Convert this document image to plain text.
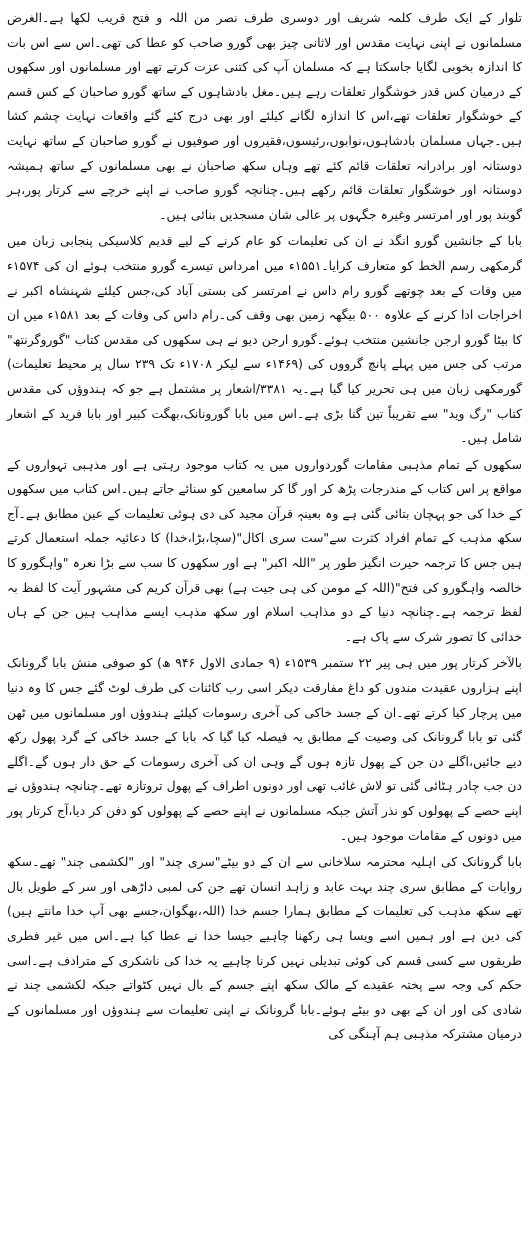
تلوار کے ایک طرف کلمہ شریف اور دوسری طرف نصر من اللہ و فتح قریب لکھا ہے۔الغرض مسلمانوں نے اپنی نہایت مقدس اور لاثانی چیز بھی گورو صاحب کو عطا کی تھی۔اس سے اس بات کا اندازہ بخوبی لگایا جاسکتا ہے کہ مسلمان آپ کی کتنی عزت کرتے تھے اور مسلمانوں اور سکھوں کے درمیان کس قدر خوشگوار تعلقات رہے ہیں۔مغل بادشاہوں کے ساتھ گورو صاحبان کے کس قسم کے خوشگوار تعلقات تھے،اس کا اندازہ لگانے کیلئے اور بھی درج کئے گئے واقعات نہایت چشم کشا ہیں۔جہاں مسلمان بادشاہوں،نوابوں،رئیسوں،فقیروں اور صوفیوں نے گورو صاحبان کے ساتھ نہایت دوستانہ اور برادرانہ تعلقات قائم کئے تھے وہاں سکھ صاحبان نے بھی مسلمانوں کے ساتھ ہمیشہ دوستانہ اور خوشگوار تعلقات قائم رکھے ہیں۔چنانچہ گورو صاحب نے اپنے خرچے سے کرتار پور،ہر گوبند پور اور امرتسر وغیرہ جگہوں پر عالی شان مسجدیں بنائی ہیں۔

بابا کے جانشین گورو انگد نے ان کی تعلیمات کو عام کرنے کے لیے قدیم کلاسیکی پنجابی زبان میں گرمکھی رسم الخط کو متعارف کرایا۔۱۵۵۱ء میں امرداس تیسرے گورو منتخب ہوئے ان کی ۱۵۷۴ء میں وفات کے بعد چوتھے گورو رام داس نے امرتسر کی بستی آباد کی،جس کیلئے شہنشاہ اکبر نے اخراجات ادا کرنے کے علاوہ ۵۰۰ بیگھہ زمین بھی وقف کی۔رام داس کی وفات کے بعد ۱۵۸۱ء میں ان کا بیٹا گورو ارجن جانشین منتخب ہوئے۔گورو ارجن دیو نے ہی سکھوں کی مقدس کتاب "گوروگرنتھ" مرتب کی جس میں پہلے پانچ گرووں کی (۱۴۶۹ء سے لیکر ۱۷۰۸ء تک ۲۳۹ سال پر محیط تعلیمات) گورمکھی زبان میں ہی تحریر کیا گیا ہے۔یہ ۳۳۸۱/اشعار پر مشتمل ہے جو کہ ہندوؤں کی مقدس کتاب "رگ وید" سے تقریباً تین گنا بڑی ہے۔اس میں بابا گورونانک،بھگت کبیر اور بابا فرید کے اشعار شامل ہیں۔

سکھوں کے تمام مذہبی مقامات گوردواروں میں یہ کتاب موجود رہتی ہے اور مذہبی تہواروں کے مواقع پر اس کتاب کے مندرجات پڑھ کر اور گا کر سامعین کو سنائے جاتے ہیں۔اس کتاب میں سکھوں کے خدا کی جو پہچان بتائی گئی ہے وہ بعینہٖ قرآن مجید کی دی ہوئی تعلیمات کے عین مطابق ہے۔آج سکھ مذہب کے تمام افراد کثرت سے"ست سری اکال"(سچا،بڑا،خدا) کا دعائیہ جملہ استعمال کرتے ہیں جس کا ترجمہ حیرت انگیز طور پر "اللہ اکبر" ہے اور سکھوں کا سب سے بڑا نعرہ "واہگورو کا خالصہ واہگورو کی فتح"(اللہ کے مومن کی ہی جیت ہے) بھی قرآن کریم کی مشہور آیت کا لفظ بہ لفظ ترجمہ ہے۔چنانچہ دنیا کے دو مذاہب اسلام اور سکھ مذہب ایسے مذاہب ہیں جن کے ہاں خدائی کا تصور شرک سے پاک ہے۔

بالآخر کرتار پور میں ہی پیر ۲۲ ستمبر ۱۵۳۹ء (۹ جمادی الاول ۹۴۶ ھ) کو صوفی منش بابا گرونانک اپنے ہزاروں عقیدت مندوں کو داغ مفارقت دیکر اسی رب کائنات کی طرف لوٹ گئے جس کا وہ دنیا میں پرچار کیا کرتے تھے۔ان کے جسد خاکی کی آخری رسومات کیلئے ہندوؤں اور مسلمانوں میں ٹھن گئی تو بابا گرونانک کی وصیت کے مطابق یہ فیصلہ کیا گیا کہ بابا کے جسد خاکی کے گرد پھول رکھ دیے جائیں،اگلے دن جن کے پھول تازہ ہوں گے وہی ان کی آخری رسومات کے حق دار ہوں گے۔اگلے دن جب چادر ہٹائی گئی تو لاش غائب تھی اور دونوں اطراف کے پھول تروتازہ تھے۔چنانچہ ہندوؤں نے اپنے حصے کے پھولوں کو نذر آتش جبکہ مسلمانوں نے اپنے حصے کے پھولوں کو دفن کر دیا،آج کرتار پور میں دونوں کے مقامات موجود ہیں۔

بابا گرونانک کی اہلیہ محترمہ سلاخانی سے ان کے دو بیٹے"سری چند" اور "لکشمی چند" تھے۔سکھ روایات کے مطابق سری چند بہت عابد و زاہد انسان تھے جن کی لمبی داڑھی اور سر کے طویل بال تھے سکھ مذہب کی تعلیمات کے مطابق ہمارا جسم خدا (اللہ،بھگوان،جسے بھی آپ خدا مانتے ہیں) کی دین ہے اور ہمیں اسے ویسا ہی رکھنا چاہیے جیسا خدا نے عطا کیا ہے۔اس میں غیر فطری طریقوں سے کسی قسم کی کوئی تبدیلی نہیں کرنا چاہیے یہ خدا کی ناشکری کے مترادف ہے۔اسی حکم کی وجہ سے پختہ عقیدے کے مالک سکھ اپنے جسم کے بال نہیں کٹواتے جبکہ لکشمی چند نے شادی کی اور ان کے بھی دو بیٹے ہوئے۔بابا گرونانک نے اپنی تعلیمات سے ہندوؤں اور مسلمانوں کے درمیان مشترکہ مذہبی ہم آہنگی کی
